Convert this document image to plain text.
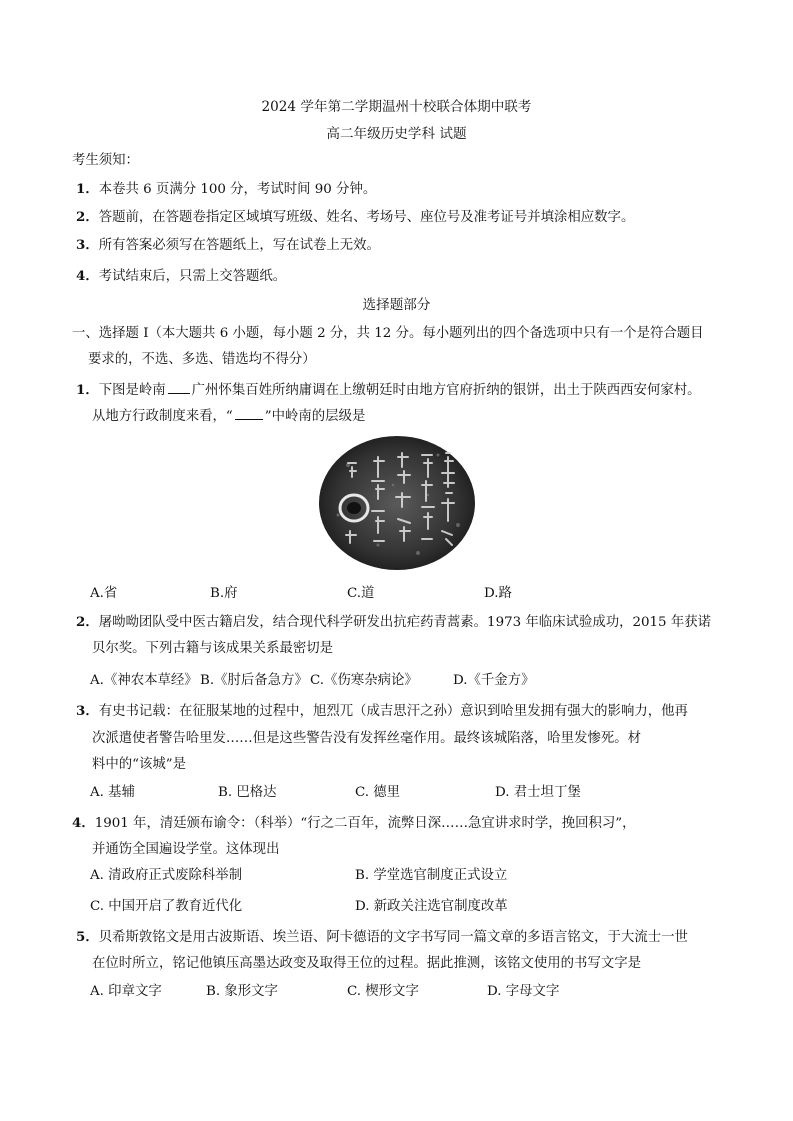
2024 学年第二学期温州十校联合体期中联考
高二年级历史学科 试题
考生须知：
1．本卷共 6 页满分 100 分，考试时间 90 分钟。
2．答题前，在答题卷指定区域填写班级、姓名、考场号、座位号及准考证号并填涂相应数字。
3．所有答案必须写在答题纸上，写在试卷上无效。
4．考试结束后，只需上交答题纸。
选择题部分
一、选择题 I（本大题共 6 小题，每小题 2 分，共 12 分。每小题列出的四个备选项中只有一个是符合题目
要求的，不选、多选、错选均不得分）
1．下图是岭南 广州怀集百姓所纳庸调在上缴朝廷时由地方官府折纳的银饼，出土于陕西西安何家村。
从地方行政制度来看，“ ”中岭南的层级是
A.省	B.府	C.道	D.路
2．屠呦呦团队受中医古籍启发，结合现代科学研发出抗疟药青蒿素。1973 年临床试验成功，2015 年获诺
贝尔奖。下列古籍与该成果关系最密切是
A.《神农本草经》 B.《肘后备急方》 C.《伤寒杂病论》	D.《千金方》
3．有史书记载：在征服某地的过程中，旭烈兀（成吉思汗之孙）意识到哈里发拥有强大的影响力，他再
次派遣使者警告哈里发……但是这些警告没有发挥丝毫作用。最终该城陷落，哈里发惨死。材
料中的“该城”是
A. 基辅	B. 巴格达	C. 德里	D. 君士坦丁堡
4．1901 年，清廷颁布谕令：（科举）“行之二百年，流弊日深……急宜讲求时学，挽回积习”，
并通饬全国遍设学堂。这体现出
A. 清政府正式废除科举制	B. 学堂选官制度正式设立
C. 中国开启了教育近代化	D. 新政关注选官制度改革
5．贝希斯敦铭文是用古波斯语、埃兰语、阿卡德语的文字书写同一篇文章的多语言铭文，于大流士一世
在位时所立，铭记他镇压高墨达政变及取得王位的过程。据此推测，该铭文使用的书写文字是
A. 印章文字	B. 象形文字	C. 楔形文字	D. 字母文字
